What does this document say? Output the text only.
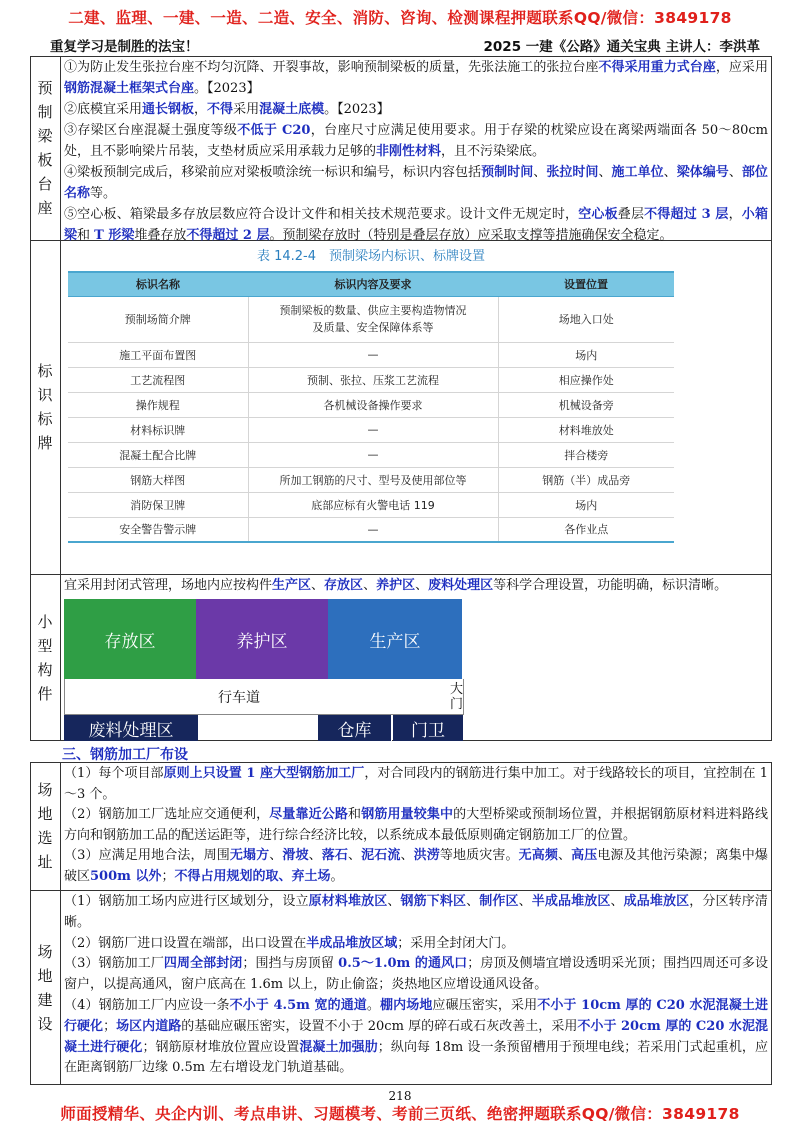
二建、监理、一建、一造、二造、安全、消防、咨询、检测课程押题联系QQ/微信：3849178
重复学习是制胜的法宝！	2025 一建《公路》通关宝典 主讲人：李洪革
预
制
梁
板
台
座

①为防止发生张拉台座不均匀沉降、开裂事故，影响预制梁板的质量，先张法施工的张拉台座不得采用重力式台座，应采用钢筋混凝土框架式台座。【2023】

②底模宜采用通长钢板，不得采用混凝土底模。【2023】

③存梁区台座混凝土强度等级不低于 C20，台座尺寸应满足使用要求。用于存梁的枕梁应设在离梁两端面各 50～80cm 处，且不影响梁片吊装，支垫材质应采用承载力足够的非刚性材料，且不污染梁底。

④梁板预制完成后，移梁前应对梁板喷涂统一标识和编号，标识内容包括预制时间、张拉时间、施工单位、梁体编号、部位名称等。

⑤空心板、箱梁最多存放层数应符合设计文件和相关技术规范要求。设计文件无规定时，空心板叠层不得超过 3 层，小箱梁和 T 形梁堆叠存放不得超过 2 层。预制梁存放时（特别是叠层存放）应采取支撑等措施确保安全稳定。

标
识
标
牌
表 14.2-4　预制梁场内标识、标牌设置
标识名称	标识内容及要求	设置位置
预制场简介牌	预制梁板的数量、供应主要构造物情况
及质量、安全保障体系等	场地入口处
施工平面布置图	—	场内
工艺流程图	预制、张拉、压浆工艺流程	相应操作处
操作规程	各机械设备操作要求	机械设备旁
材料标识牌	—	材料堆放处
混凝土配合比牌	—	拌合楼旁
钢筋大样图	所加工钢筋的尺寸、型号及使用部位等	钢筋（半）成品旁
消防保卫牌	底部应标有火警电话 119	场内
安全警告警示牌	—	各作业点
小
型
构
件

宜采用封闭式管理，场地内应按构件生产区、存放区、养护区、废料处理区等科学合理设置，功能明确，标识清晰。

存放区	养护区	生产区
行车道
大
门
废料处理区	仓库	门卫
三、钢筋加工厂布设
场
地
选
址

（1）每个项目部原则上只设置 1 座大型钢筋加工厂，对合同段内的钢筋进行集中加工。对于线路较长的项目，宜控制在 1～3 个。

（2）钢筋加工厂选址应交通便利，尽量靠近公路和钢筋用量较集中的大型桥梁或预制场位置，并根据钢筋原材料进料路线方向和钢筋加工品的配送运距等，进行综合经济比较，以系统成本最低原则确定钢筋加工厂的位置。

（3）应满足用地合法，周围无塌方、滑坡、落石、泥石流、洪涝等地质灾害。无高频、高压电源及其他污染源；离集中爆破区500m 以外；不得占用规划的取、弃土场。

场
地
建
设

（1）钢筋加工场内应进行区域划分，设立原材料堆放区、钢筋下料区、制作区、半成品堆放区、成品堆放区，分区转序清晰。

（2）钢筋厂进口设置在端部，出口设置在半成品堆放区域；采用全封闭大门。

（3）钢筋加工厂四周全部封闭；围挡与房顶留 0.5～1.0m 的通风口；房顶及侧墙宜增设透明采光顶；围挡四周还可多设窗户，以提高通风，窗户底高在 1.6m 以上，防止偷盗；炎热地区应增设通风设备。

（4）钢筋加工厂内应设一条不小于 4.5m 宽的通道。棚内场地应碾压密实，采用不小于 10cm 厚的 C20 水泥混凝土进行硬化；场区内道路的基础应碾压密实，设置不小于 20cm 厚的碎石或石灰改善土，采用不小于 20cm 厚的 C20 水泥混凝土进行硬化；钢筋原材堆放位置应设置混凝土加强肋；纵向每 18m 设一条预留槽用于预埋电线；若采用门式起重机，应在距离钢筋厂边缘 0.5m 左右增设龙门轨道基础。

218
师面授精华、央企内训、考点串讲、习题模考、考前三页纸、绝密押题联系QQ/微信：3849178
